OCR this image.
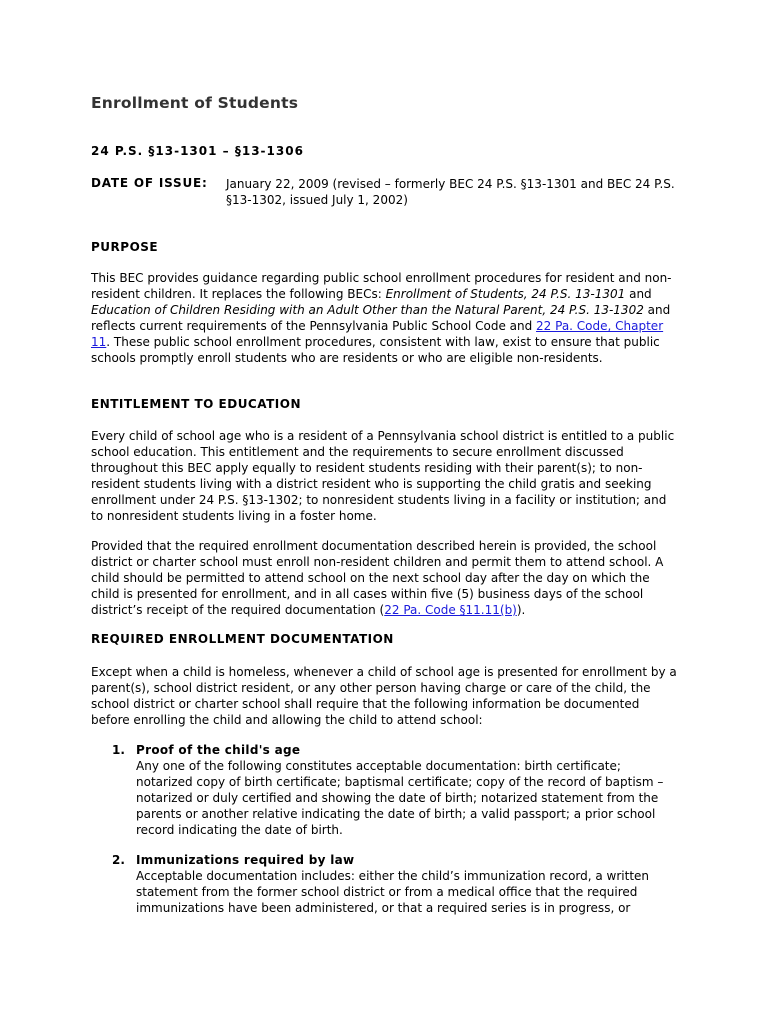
Enrollment of Students
24 P.S. §13-1301 – §13-1306
DATE OF ISSUE: January 22, 2009 (revised – formerly BEC 24 P.S. §13-1301 and BEC 24 P.S. §13-1302, issued July 1, 2002)
PURPOSE

This BEC provides guidance regarding public school enrollment procedures for resident and non-resident children. It replaces the following BECs: Enrollment of Students, 24 P.S. 13-1301 and Education of Children Residing with an Adult Other than the Natural Parent, 24 P.S. 13-1302 and reflects current requirements of the Pennsylvania Public School Code and 22 Pa. Code, Chapter 11. These public school enrollment procedures, consistent with law, exist to ensure that public schools promptly enroll students who are residents or who are eligible non-residents.

ENTITLEMENT TO EDUCATION

Every child of school age who is a resident of a Pennsylvania school district is entitled to a public school education. This entitlement and the requirements to secure enrollment discussed throughout this BEC apply equally to resident students residing with their parent(s); to non-resident students living with a district resident who is supporting the child gratis and seeking enrollment under 24 P.S. §13-1302; to nonresident students living in a facility or institution; and to nonresident students living in a foster home.

Provided that the required enrollment documentation described herein is provided, the school district or charter school must enroll non-resident children and permit them to attend school. A child should be permitted to attend school on the next school day after the day on which the child is presented for enrollment, and in all cases within five (5) business days of the school district’s receipt of the required documentation (22 Pa. Code §11.11(b)).

REQUIRED ENROLLMENT DOCUMENTATION

Except when a child is homeless, whenever a child of school age is presented for enrollment by a parent(s), school district resident, or any other person having charge or care of the child, the school district or charter school shall require that the following information be documented before enrolling the child and allowing the child to attend school:

1. Proof of the child's age
Any one of the following constitutes acceptable documentation: birth certificate; notarized copy of birth certificate; baptismal certificate; copy of the record of baptism – notarized or duly certified and showing the date of birth; notarized statement from the parents or another relative indicating the date of birth; a valid passport; a prior school record indicating the date of birth.
2. Immunizations required by law
Acceptable documentation includes: either the child’s immunization record, a written statement from the former school district or from a medical office that the required immunizations have been administered, or that a required series is in progress, or
